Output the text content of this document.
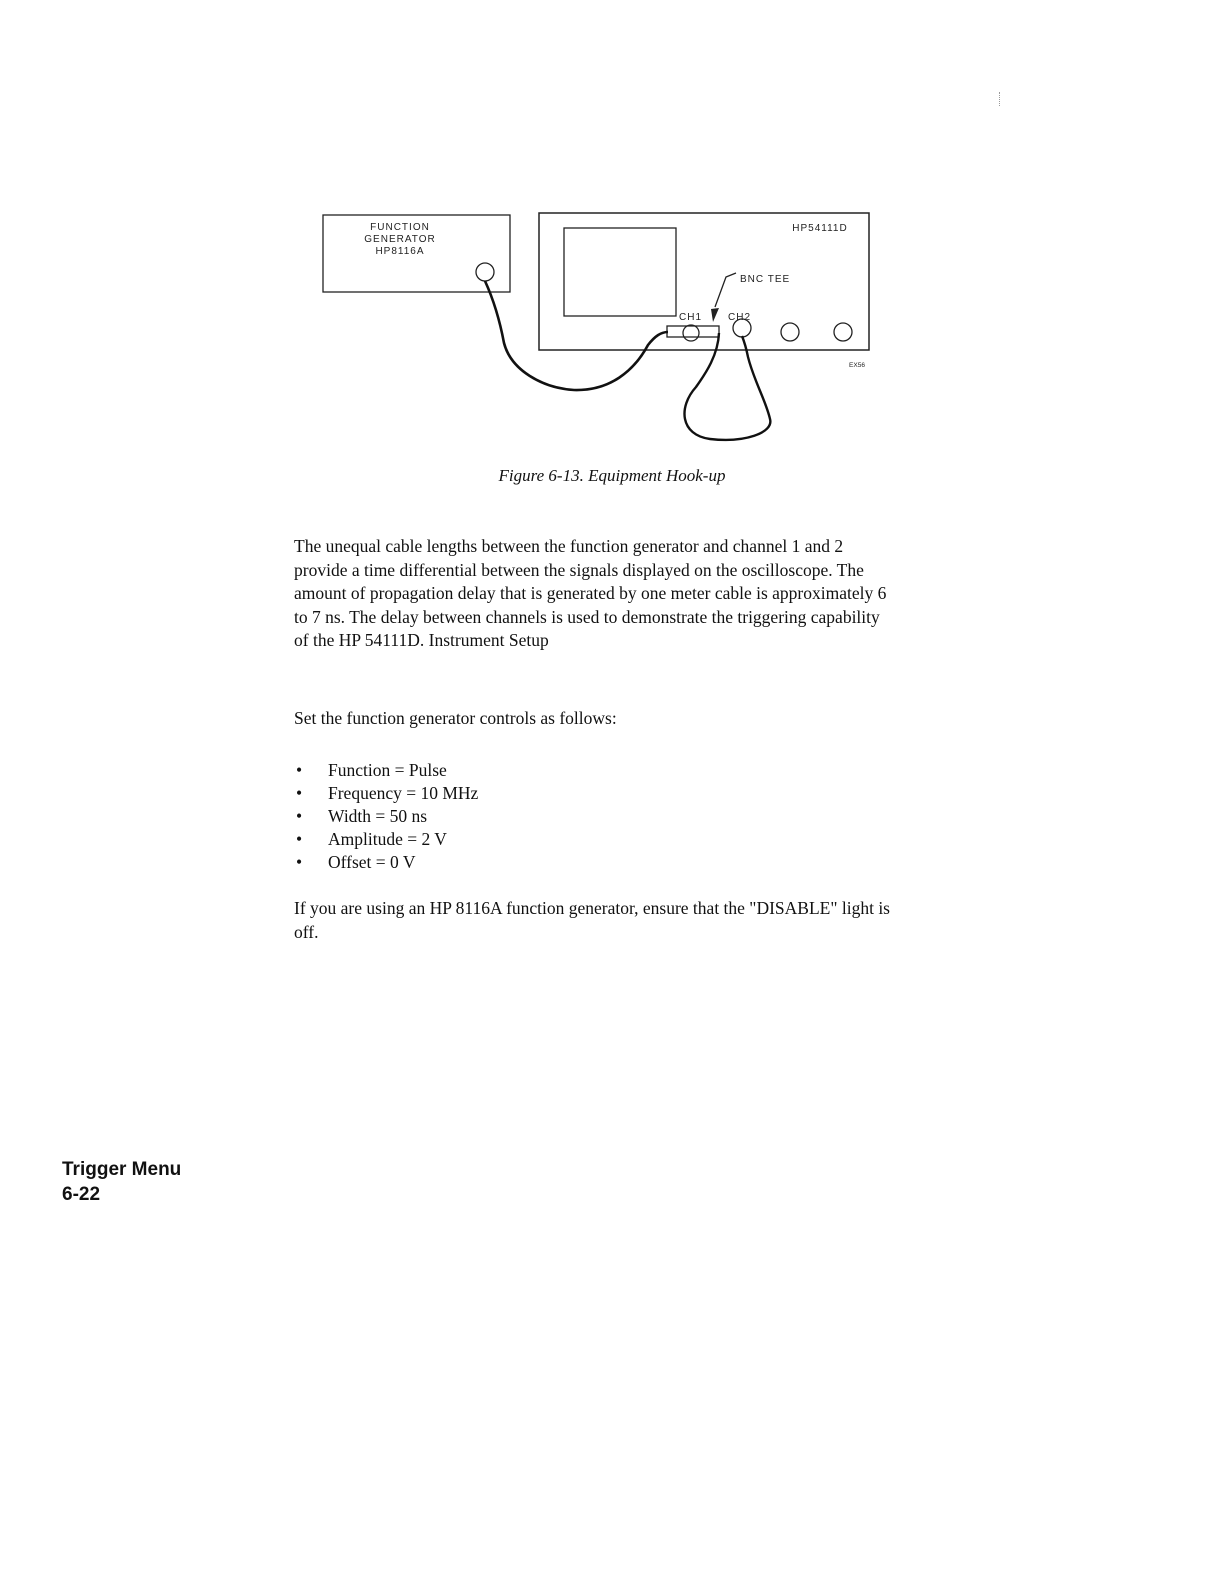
FUNCTION
GENERATOR
HP8116A
HP54111D
BNC TEE
CH1	CH2
EX56
Figure 6-13. Equipment Hook-up

The unequal cable lengths between the function generator and channel 1 and 2 provide a time differential between the signals displayed on the oscilloscope. The amount of propagation delay that is generated by one meter cable is approximately 6 to 7 ns. The delay between channels is used to demonstrate the triggering capability of the HP 54111D. Instrument Setup

Set the function generator controls as follows:

• Function = Pulse
• Frequency = 10 MHz
• Width = 50 ns
• Amplitude = 2 V
• Offset = 0 V

If you are using an HP 8116A function generator, ensure that the "DISABLE" light is off.

Trigger Menu
6-22
